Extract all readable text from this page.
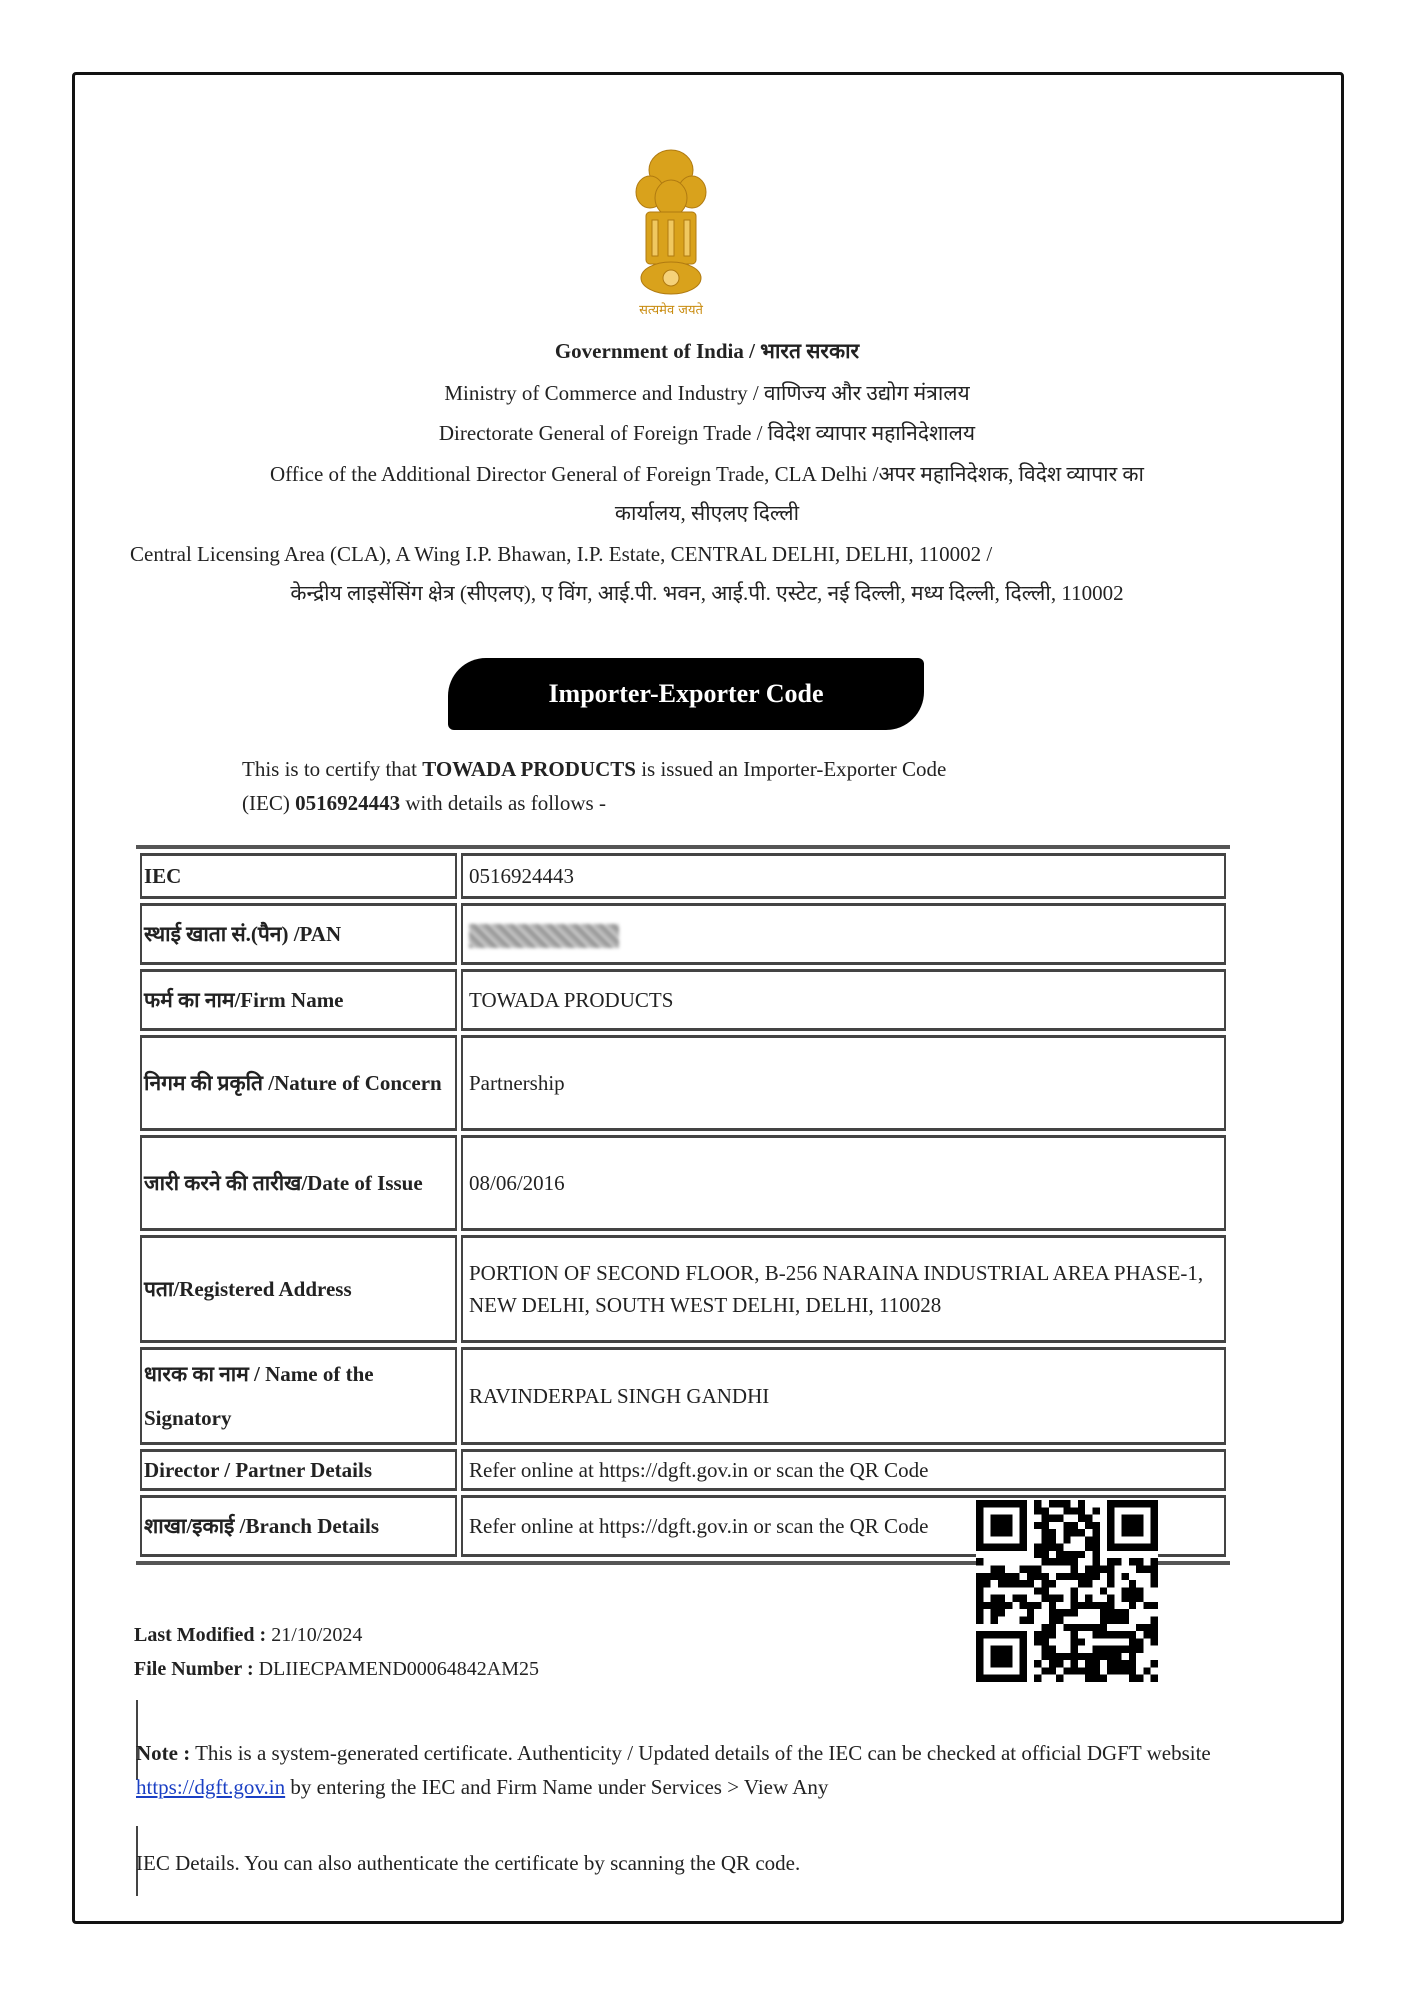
सत्यमेव जयते
Government of India / भारत सरकार
Ministry of Commerce and Industry / वाणिज्य और उद्योग मंत्रालय
Directorate General of Foreign Trade / विदेश व्यापार महानिदेशालय
Office of the Additional Director General of Foreign Trade, CLA Delhi /अपर महानिदेशक, विदेश व्यापार का
कार्यालय, सीएलए दिल्ली
Central Licensing Area (CLA), A Wing I.P. Bhawan, I.P. Estate, CENTRAL DELHI, DELHI, 110002 /
केन्द्रीय लाइसेंसिंग क्षेत्र (सीएलए), ए विंग, आई.पी. भवन, आई.पी. एस्टेट, नई दिल्ली, मध्य दिल्ली, दिल्ली, 110002
Importer-Exporter Code
This is to certify that TOWADA PRODUCTS is issued an Importer-Exporter Code
(IEC) 0516924443 with details as follows -
IEC	0516924443
स्थाई खाता सं.(पैन) /PAN	
फर्म का नाम/Firm Name	TOWADA PRODUCTS
निगम की प्रकृति /Nature of Concern	Partnership
जारी करने की तारीख/Date of Issue	08/06/2016
पता/Registered Address	PORTION OF SECOND FLOOR, B-256 NARAINA INDUSTRIAL AREA PHASE-1, NEW DELHI, SOUTH WEST DELHI, DELHI, 110028
धारक का नाम / Name of the Signatory	RAVINDERPAL SINGH GANDHI
Director / Partner Details	Refer online at https://dgft.gov.in or scan the QR Code
शाखा/इकाई /Branch Details	Refer online at https://dgft.gov.in or scan the QR Code
Last Modified : 21/10/2024
File Number : DLIIECPAMEND00064842AM25
Note : This is a system-generated certificate. Authenticity / Updated details of the IEC can be checked at official DGFT website https://dgft.gov.in by entering the IEC and Firm Name under Services > View Any
IEC Details. You can also authenticate the certificate by scanning the QR code.
